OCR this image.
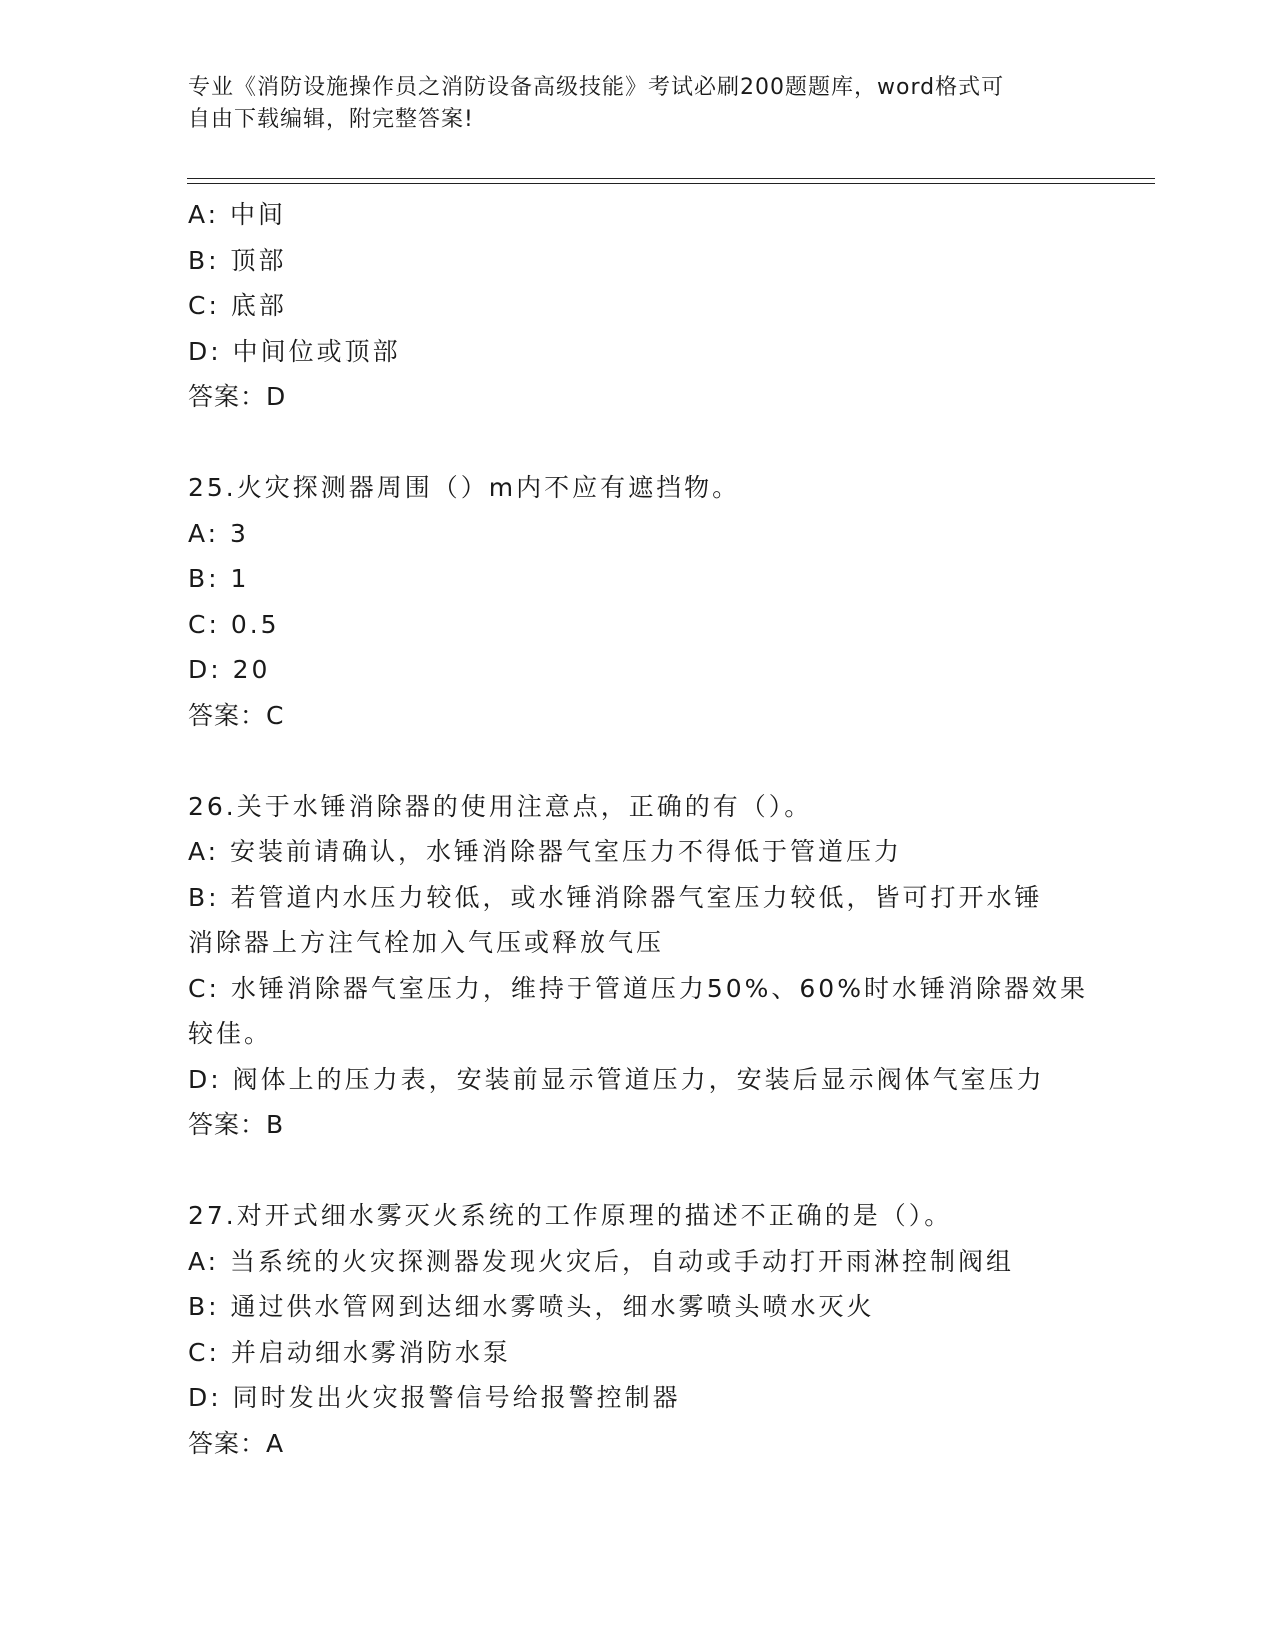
专业《消防设施操作员之消防设备高级技能》考试必刷200题题库，word格式可
自由下载编辑，附完整答案!
A: 中间
B: 顶部
C: 底部
D: 中间位或顶部
答案：D
25.火灾探测器周围（）m内不应有遮挡物。
A: 3
B: 1
C: 0.5
D: 20
答案：C
26.关于水锤消除器的使用注意点，正确的有（）。
A: 安装前请确认，水锤消除器气室压力不得低于管道压力
B: 若管道内水压力较低，或水锤消除器气室压力较低，皆可打开水锤
消除器上方注气栓加入气压或释放气压
C: 水锤消除器气室压力，维持于管道压力50%、60%时水锤消除器效果
较佳。
D: 阀体上的压力表，安装前显示管道压力，安装后显示阀体气室压力
答案：B
27.对开式细水雾灭火系统的工作原理的描述不正确的是（）。
A: 当系统的火灾探测器发现火灾后，自动或手动打开雨淋控制阀组
B: 通过供水管网到达细水雾喷头，细水雾喷头喷水灭火
C: 并启动细水雾消防水泵
D: 同时发出火灾报警信号给报警控制器
答案：A
